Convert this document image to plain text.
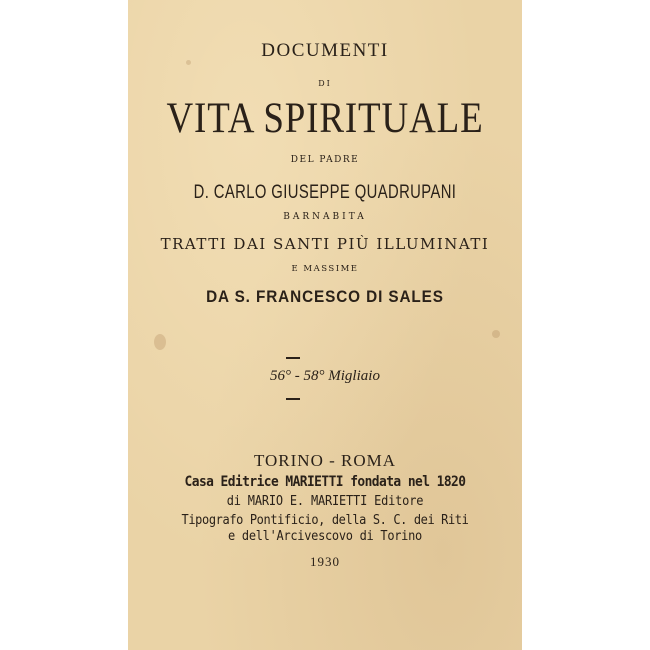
DOCUMENTI
DI
VITA SPIRITUALE
DEL PADRE
D. CARLO GIUSEPPE QUADRUPANI
BARNABITA
TRATTI DAI SANTI PIÙ ILLUMINATI
E MASSIME
DA S. FRANCESCO DI SALES
56° - 58° Migliaio
TORINO - ROMA
Casa Editrice MARIETTI fondata nel 1820
di MARIO E. MARIETTI Editore
Tipografo Pontificio, della S. C. dei Riti
e dell'Arcivescovo di Torino
1930
